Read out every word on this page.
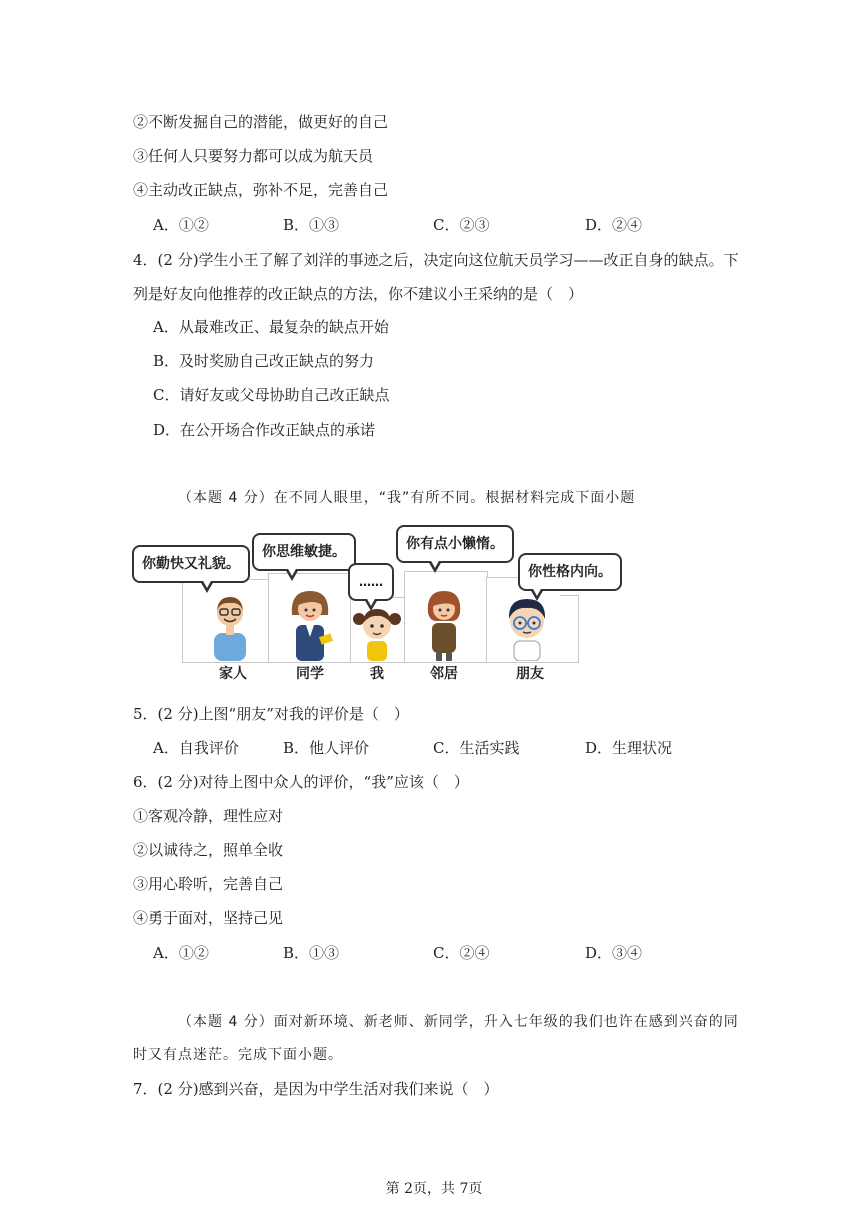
②不断发掘自己的潜能，做更好的自己
③任何人只要努力都可以成为航天员
④主动改正缺点，弥补不足，完善自己
A．①②	B．①③	C．②③	D．②④
4．(2 分)学生小王了解了刘洋的事迹之后，决定向这位航天员学习——改正自身的缺点。下
列是好友向他推荐的改正缺点的方法，你不建议小王采纳的是（　）
A．从最难改正、最复杂的缺点开始
B．及时奖励自己改正缺点的努力
C．请好友或父母协助自己改正缺点
D．在公开场合作改正缺点的承诺
（本题 4 分）在不同人眼里，“我”有所不同。根据材料完成下面小题
你勤快又礼貌。
你思维敏捷。
……
你有点小懒惰。
你性格内向。
家人	同学	我	邻居	朋友
5．(2 分)上图“朋友”对我的评价是（　）
A．自我评价	B．他人评价	C．生活实践	D．生理状况
6．(2 分)对待上图中众人的评价，“我”应该（　）
①客观冷静，理性应对
②以诚待之，照单全收
③用心聆听，完善自己
④勇于面对，坚持己见
A．①②	B．①③	C．②④	D．③④
（本题 4 分）面对新环境、新老师、新同学，升入七年级的我们也许在感到兴奋的同
时又有点迷茫。完成下面小题。
7．(2 分)感到兴奋，是因为中学生活对我们来说（　）
第 2页，共 7页
